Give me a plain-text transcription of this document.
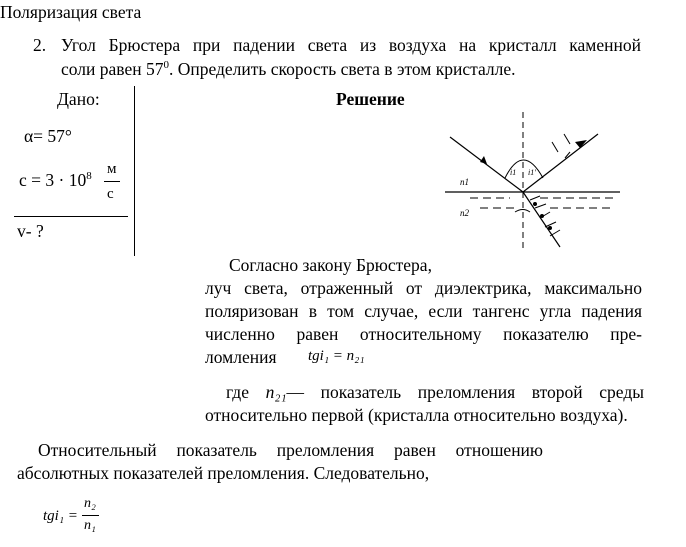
Поляризация света
2. Угол Брюстера при падении света из воздуха на кристалл каменной
соли равен $57^0$. Определить скорость света в этом кристалле.
Дано:
α= 57°
$c = 3 \cdot 10^8$ м
с
v- ?
Решение
n1
n2
i1 i1'
Согласно закону Брюстера,
луч света, отраженный от диэлектрика, максимально
поляризован в том случае, если тангенс угла падения
численно равен относительному показателю пре-
ломления tgi₁ = n₂₁
где n₂₁— показатель преломления второй среды
относительно первой (кристалла относительно воздуха).
Относительный показатель преломления равен отношению
абсолютных показателей преломления. Следовательно,
tgi₁ =
n₂
n₁
